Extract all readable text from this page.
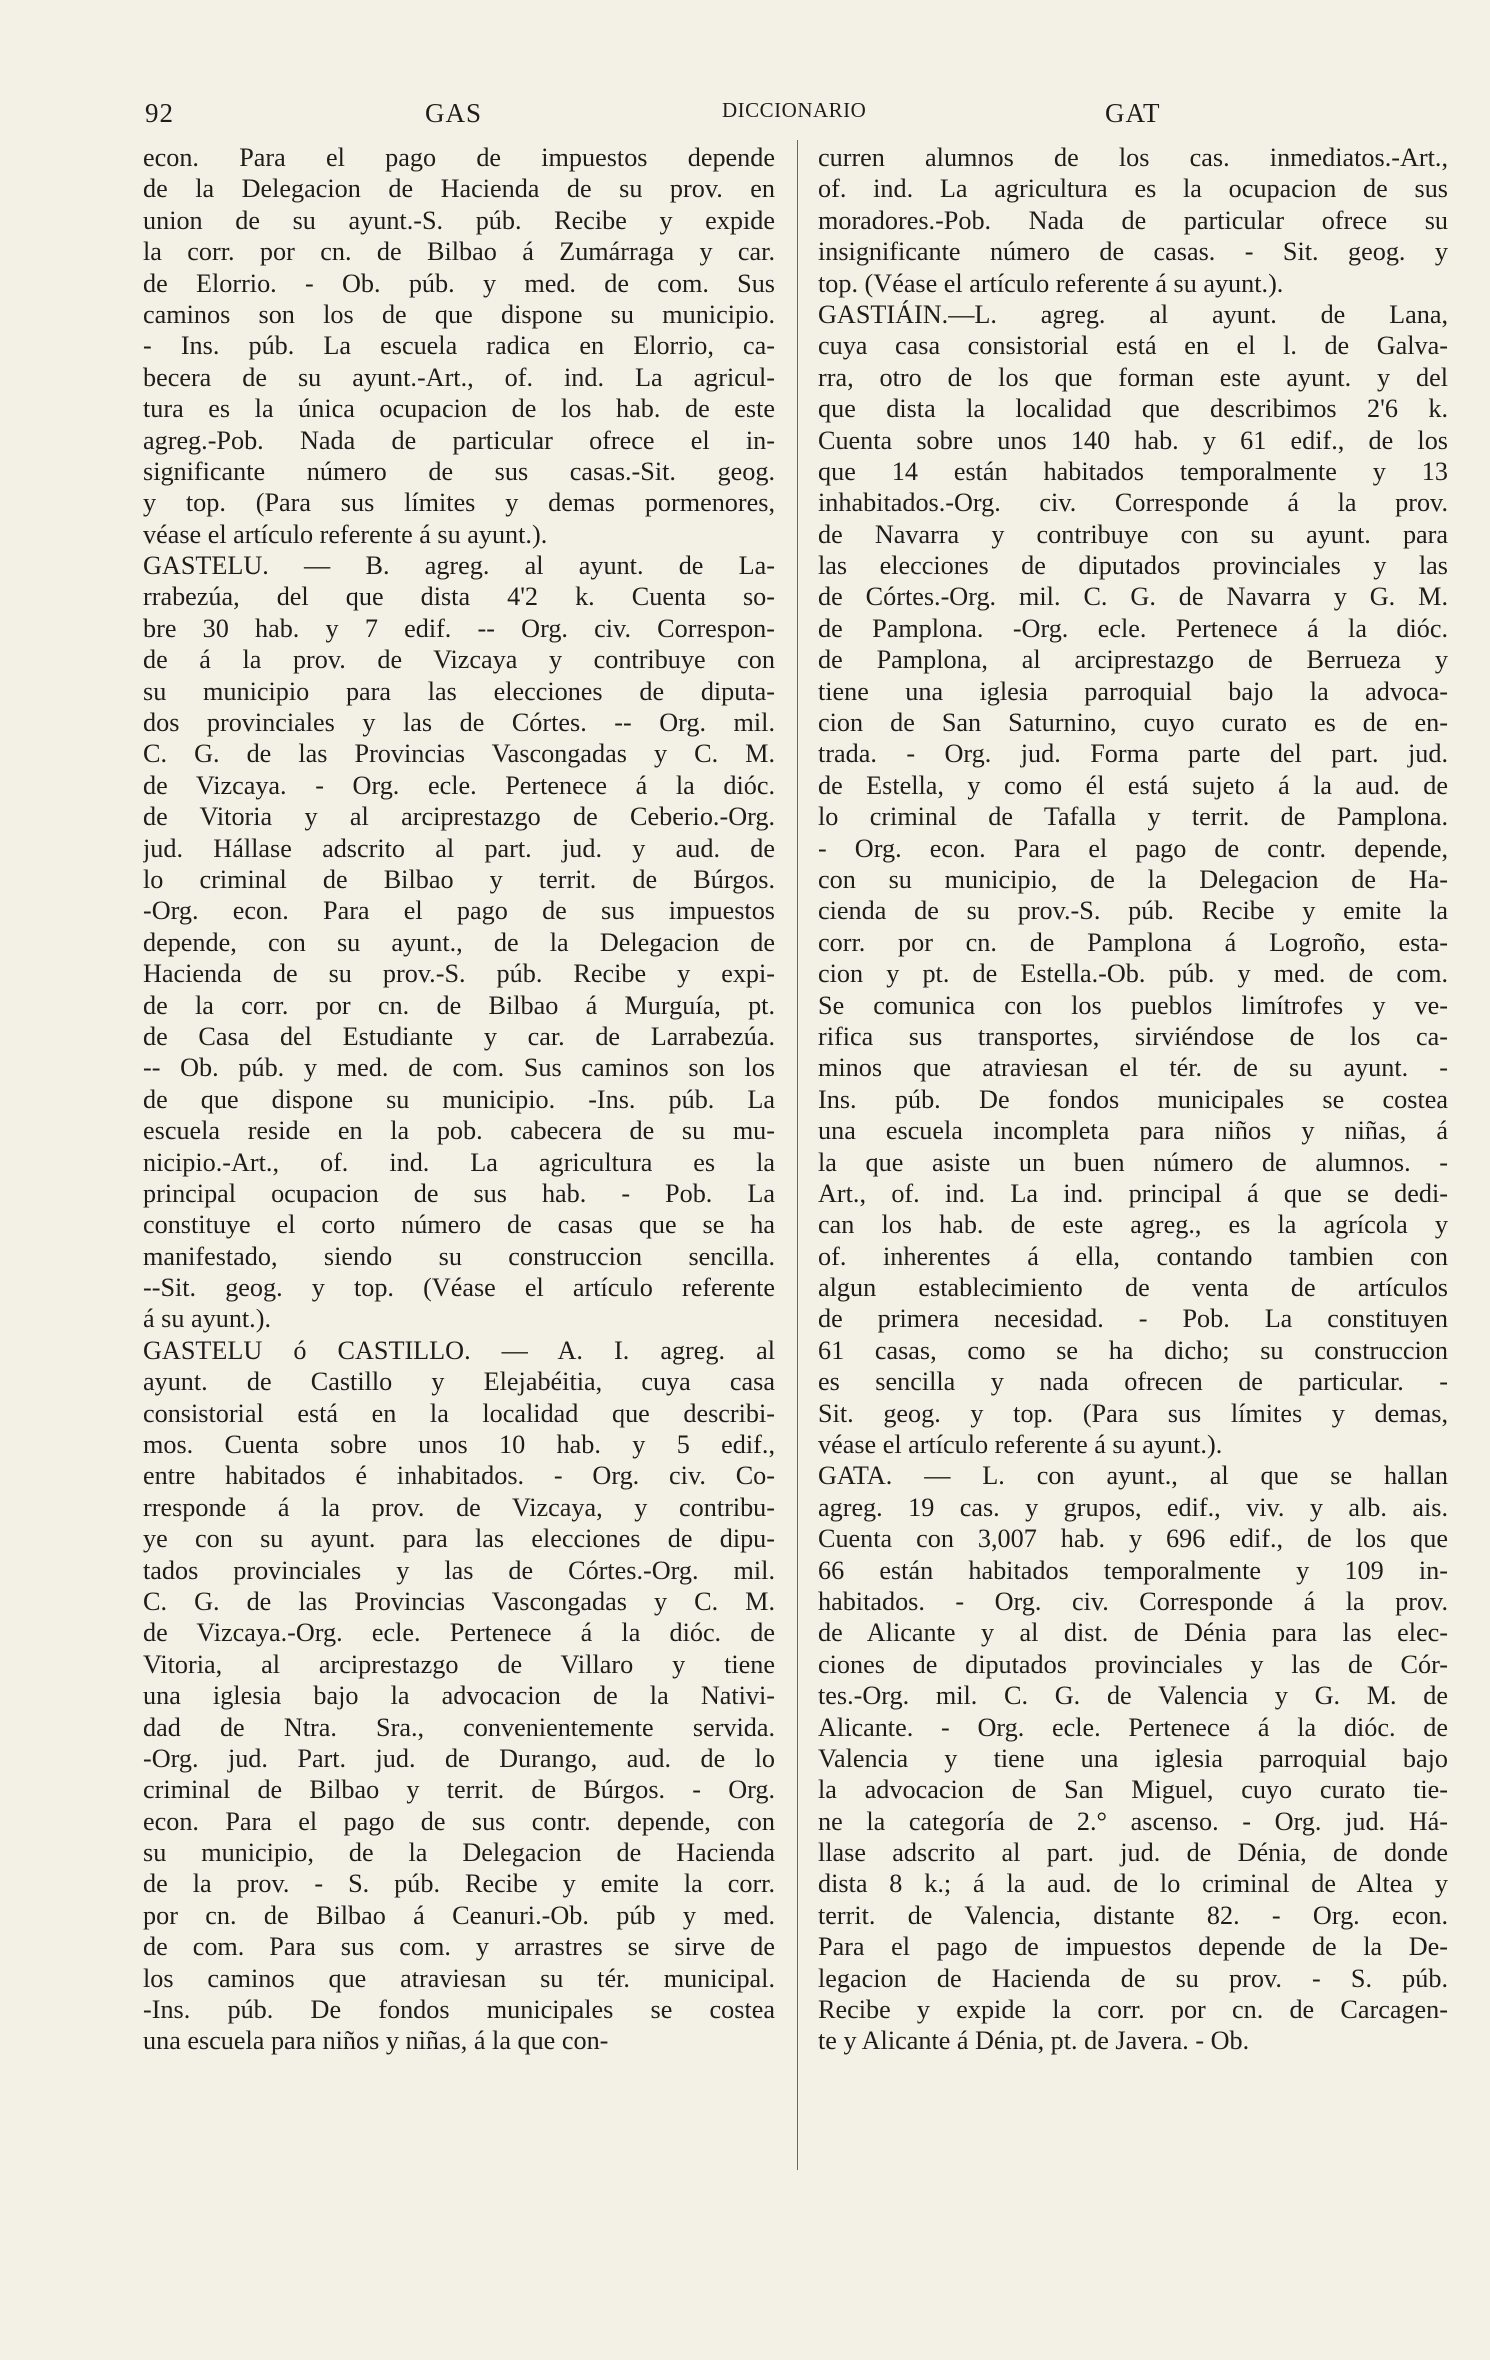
92	GAS	DICCIONARIO	GAT
econ. Para el pago de impuestos depende
de la Delegacion de Hacienda de su prov. en
union de su ayunt.-S. púb. Recibe y expide
la corr. por cn. de Bilbao á Zumárraga y car.
de Elorrio. - Ob. púb. y med. de com. Sus
caminos son los de que dispone su municipio.
- Ins. púb. La escuela radica en Elorrio, ca-
becera de su ayunt.-Art., of. ind. La agricul-
tura es la única ocupacion de los hab. de este
agreg.-Pob. Nada de particular ofrece el in-
significante número de sus casas.-Sit. geog.
y top. (Para sus límites y demas pormenores,
véase el artículo referente á su ayunt.).
GASTELU. — B. agreg. al ayunt. de La-
rrabezúa, del que dista 4'2 k. Cuenta so-
bre 30 hab. y 7 edif. -- Org. civ. Correspon-
de á la prov. de Vizcaya y contribuye con
su municipio para las elecciones de diputa-
dos provinciales y las de Córtes. -- Org. mil.
C. G. de las Provincias Vascongadas y C. M.
de Vizcaya. - Org. ecle. Pertenece á la dióc.
de Vitoria y al arciprestazgo de Ceberio.-Org.
jud. Hállase adscrito al part. jud. y aud. de
lo criminal de Bilbao y territ. de Búrgos.
-Org. econ. Para el pago de sus impuestos
depende, con su ayunt., de la Delegacion de
Hacienda de su prov.-S. púb. Recibe y expi-
de la corr. por cn. de Bilbao á Murguía, pt.
de Casa del Estudiante y car. de Larrabezúa.
-- Ob. púb. y med. de com. Sus caminos son los
de que dispone su municipio. -Ins. púb. La
escuela reside en la pob. cabecera de su mu-
nicipio.-Art., of. ind. La agricultura es la
principal ocupacion de sus hab. - Pob. La
constituye el corto número de casas que se ha
manifestado, siendo su construccion sencilla.
--Sit. geog. y top. (Véase el artículo referente
á su ayunt.).
GASTELU ó CASTILLO. — A. I. agreg. al
ayunt. de Castillo y Elejabéitia, cuya casa
consistorial está en la localidad que describi-
mos. Cuenta sobre unos 10 hab. y 5 edif.,
entre habitados é inhabitados. - Org. civ. Co-
rresponde á la prov. de Vizcaya, y contribu-
ye con su ayunt. para las elecciones de dipu-
tados provinciales y las de Córtes.-Org. mil.
C. G. de las Provincias Vascongadas y C. M.
de Vizcaya.-Org. ecle. Pertenece á la dióc. de
Vitoria, al arciprestazgo de Villaro y tiene
una iglesia bajo la advocacion de la Nativi-
dad de Ntra. Sra., convenientemente servida.
-Org. jud. Part. jud. de Durango, aud. de lo
criminal de Bilbao y territ. de Búrgos. - Org.
econ. Para el pago de sus contr. depende, con
su municipio, de la Delegacion de Hacienda
de la prov. - S. púb. Recibe y emite la corr.
por cn. de Bilbao á Ceanuri.-Ob. púb y med.
de com. Para sus com. y arrastres se sirve de
los caminos que atraviesan su tér. municipal.
-Ins. púb. De fondos municipales se costea
una escuela para niños y niñas, á la que con-
curren alumnos de los cas. inmediatos.-Art.,
of. ind. La agricultura es la ocupacion de sus
moradores.-Pob. Nada de particular ofrece su
insignificante número de casas. - Sit. geog. y
top. (Véase el artículo referente á su ayunt.).
GASTIÁIN.—L. agreg. al ayunt. de Lana,
cuya casa consistorial está en el l. de Galva-
rra, otro de los que forman este ayunt. y del
que dista la localidad que describimos 2'6 k.
Cuenta sobre unos 140 hab. y 61 edif., de los
que 14 están habitados temporalmente y 13
inhabitados.-Org. civ. Corresponde á la prov.
de Navarra y contribuye con su ayunt. para
las elecciones de diputados provinciales y las
de Córtes.-Org. mil. C. G. de Navarra y G. M.
de Pamplona. -Org. ecle. Pertenece á la dióc.
de Pamplona, al arciprestazgo de Berrueza y
tiene una iglesia parroquial bajo la advoca-
cion de San Saturnino, cuyo curato es de en-
trada. - Org. jud. Forma parte del part. jud.
de Estella, y como él está sujeto á la aud. de
lo criminal de Tafalla y territ. de Pamplona.
- Org. econ. Para el pago de contr. depende,
con su municipio, de la Delegacion de Ha-
cienda de su prov.-S. púb. Recibe y emite la
corr. por cn. de Pamplona á Logroño, esta-
cion y pt. de Estella.-Ob. púb. y med. de com.
Se comunica con los pueblos limítrofes y ve-
rifica sus transportes, sirviéndose de los ca-
minos que atraviesan el tér. de su ayunt. -
Ins. púb. De fondos municipales se costea
una escuela incompleta para niños y niñas, á
la que asiste un buen número de alumnos. -
Art., of. ind. La ind. principal á que se dedi-
can los hab. de este agreg., es la agrícola y
of. inherentes á ella, contando tambien con
algun establecimiento de venta de artículos
de primera necesidad. - Pob. La constituyen
61 casas, como se ha dicho; su construccion
es sencilla y nada ofrecen de particular. -
Sit. geog. y top. (Para sus límites y demas,
véase el artículo referente á su ayunt.).
GATA. — L. con ayunt., al que se hallan
agreg. 19 cas. y grupos, edif., viv. y alb. ais.
Cuenta con 3,007 hab. y 696 edif., de los que
66 están habitados temporalmente y 109 in-
habitados. - Org. civ. Corresponde á la prov.
de Alicante y al dist. de Dénia para las elec-
ciones de diputados provinciales y las de Cór-
tes.-Org. mil. C. G. de Valencia y G. M. de
Alicante. - Org. ecle. Pertenece á la dióc. de
Valencia y tiene una iglesia parroquial bajo
la advocacion de San Miguel, cuyo curato tie-
ne la categoría de 2.° ascenso. - Org. jud. Há-
llase adscrito al part. jud. de Dénia, de donde
dista 8 k.; á la aud. de lo criminal de Altea y
territ. de Valencia, distante 82. - Org. econ.
Para el pago de impuestos depende de la De-
legacion de Hacienda de su prov. - S. púb.
Recibe y expide la corr. por cn. de Carcagen-
te y Alicante á Dénia, pt. de Javera. - Ob.
